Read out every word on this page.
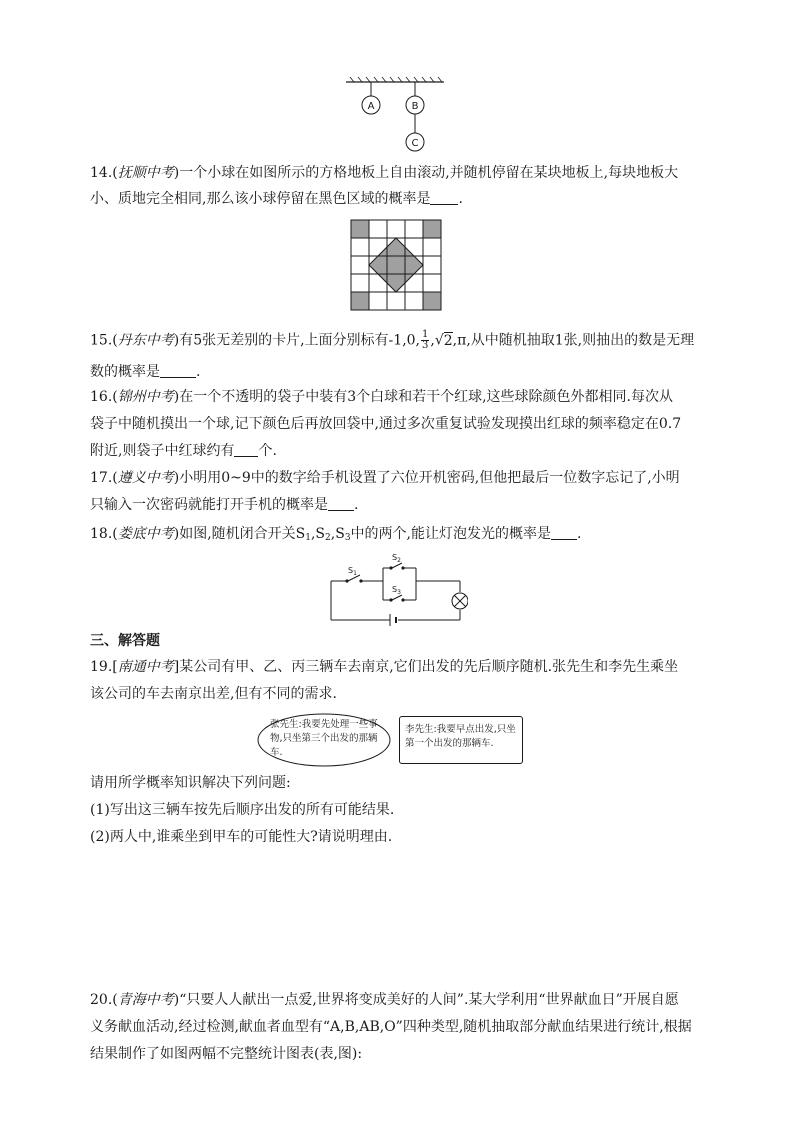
A	B
C
14.(抚顺中考)一个小球在如图所示的方格地板上自由滚动,并随机停留在某块地板上,每块地板大
小、质地完全相同,那么该小球停留在黑色区域的概率是 .
15.(丹东中考)有5张无差别的卡片,上面分别标有-1,0, $\frac{1}{3} ,√2,\pi$,从中随机抽取1张,则抽出的数是无理
数的概率是	.
16.(锦州中考)在一个不透明的袋子中装有3个白球和若干个红球,这些球除颜色外都相同.每次从
袋子中随机摸出一个球,记下颜色后再放回袋中,通过多次重复试验发现摸出红球的频率稳定在0.7
附近,则袋子中红球约有 个.
17.(遵义中考)小明用0~9中的数字给手机设置了六位开机密码,但他把最后一位数字忘记了,小明
只输入一次密码就能打开手机的概率是 .
18.(娄底中考)如图,随机闭合开关$S_1,S_2,S_3$中的两个,能让灯泡发光的概率是 .
$S_1$
$S_2$
$S_3$
三、解答题
19.[南通中考]某公司有甲、乙、丙三辆车去南京,它们出发的先后顺序随机.张先生和李先生乘坐
该公司的车去南京出差,但有不同的需求.
张先生:我要先处理一些事物,只坐第三个出发的那辆车.
李先生:我要早点出发,只坐第一个出发的那辆车.
请用所学概率知识解决下列问题:
(1)写出这三辆车按先后顺序出发的所有可能结果.
(2)两人中,谁乘坐到甲车的可能性大?请说明理由.
20.(青海中考)“只要人人献出一点爱,世界将变成美好的人间”.某大学利用“世界献血日”开展自愿
义务献血活动,经过检测,献血者血型有“A,B,AB,O”四种类型,随机抽取部分献血结果进行统计,根据
结果制作了如图两幅不完整统计图表(表,图):
